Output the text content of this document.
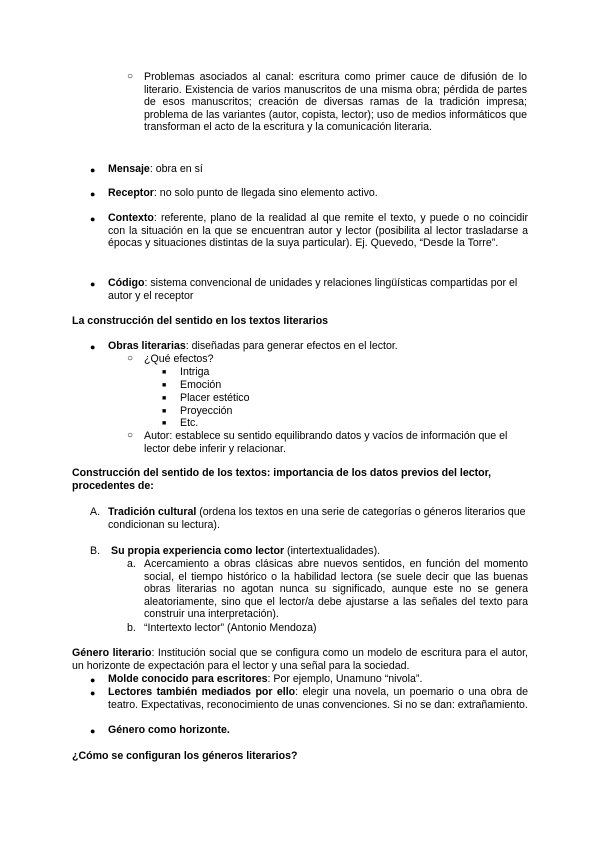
○ Problemas asociados al canal: escritura como primer cauce de difusión de lo literario. Existencia de varios manuscritos de una misma obra; pérdida de partes de esos manuscritos; creación de diversas ramas de la tradición impresa; problema de las variantes (autor, copista, lector); uso de medios informáticos que transforman el acto de la escritura y la comunicación literaria.
● Mensaje: obra en sí
● Receptor: no solo punto de llegada sino elemento activo.
● Contexto: referente, plano de la realidad al que remite el texto, y puede o no coincidir con la situación en la que se encuentran autor y lector (posibilita al lector trasladarse a épocas y situaciones distintas de la suya particular). Ej. Quevedo, “Desde la Torre”.
● Código: sistema convencional de unidades y relaciones lingüísticas compartidas por el autor y el receptor
La construcción del sentido en los textos literarios
● Obras literarias: diseñadas para generar efectos en el lector.
○ ¿Qué efectos?
■ Intriga
■ Emoción
■ Placer estético
■ Proyección
■ Etc.
○ Autor: establece su sentido equilibrando datos y vacíos de información que el lector debe inferir y relacionar.
Construcción del sentido de los textos: importancia de los datos previos del lector, procedentes de:
A. Tradición cultural (ordena los textos en una serie de categorías o géneros literarios que condicionan su lectura).
B. Su propia experiencia como lector (intertextualidades).
a. Acercamiento a obras clásicas abre nuevos sentidos, en función del momento social, el tiempo histórico o la habilidad lectora (se suele decir que las buenas obras literarias no agotan nunca su significado, aunque este no se genera aleatoriamente, sino que el lector/a debe ajustarse a las señales del texto para construir una interpretación).
b. “Intertexto lector” (Antonio Mendoza)
Género literario: Institución social que se configura como un modelo de escritura para el autor, un horizonte de expectación para el lector y una señal para la sociedad.
● Molde conocido para escritores: Por ejemplo, Unamuno “nivola”.
● Lectores también mediados por ello: elegir una novela, un poemario o una obra de teatro. Expectativas, reconocimiento de unas convenciones. Si no se dan: extrañamiento.
● Género como horizonte.
¿Cómo se configuran los géneros literarios?
